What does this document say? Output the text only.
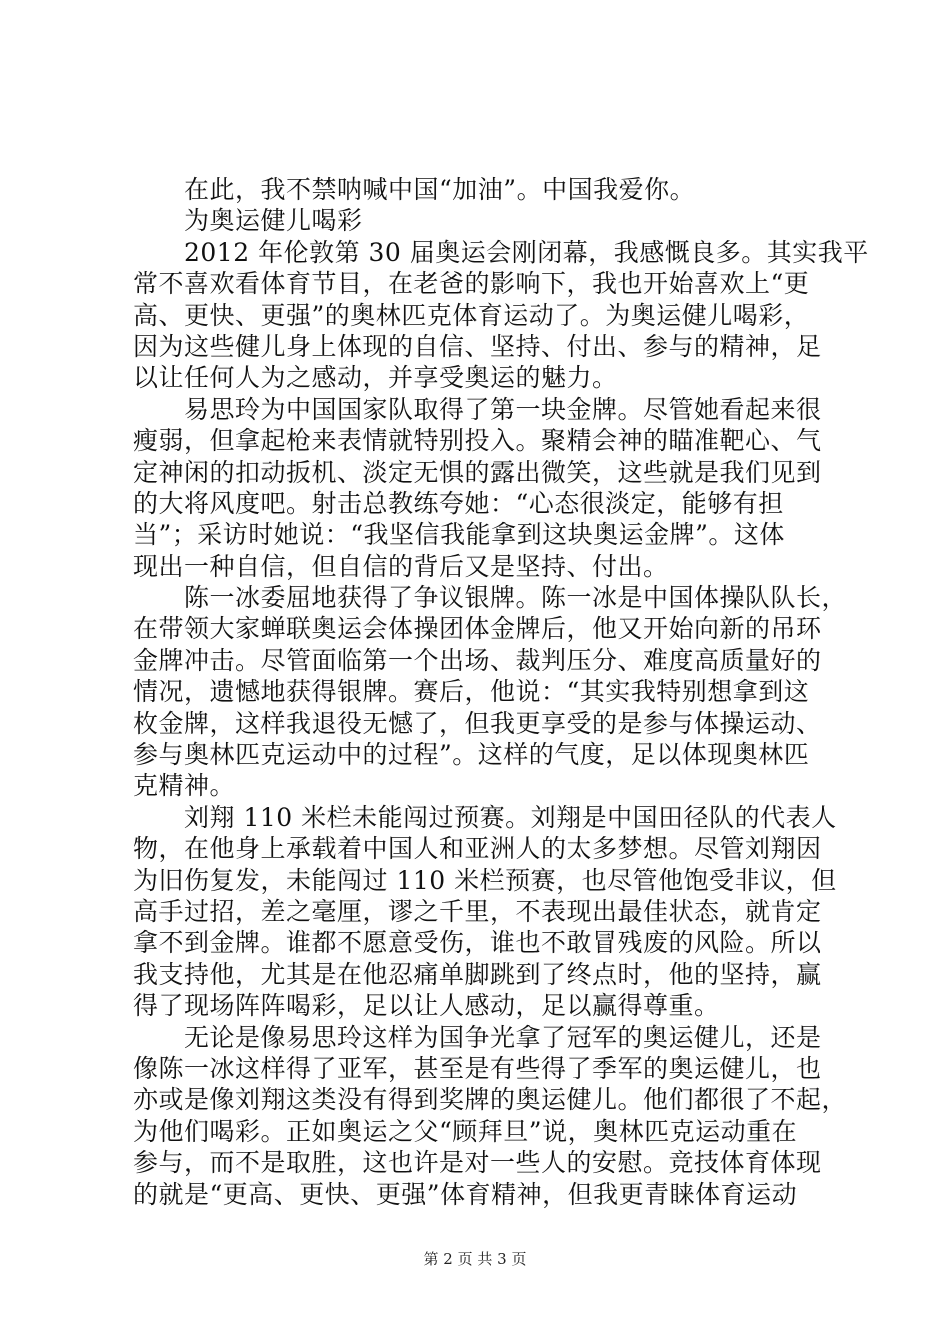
　　在此，我不禁呐喊中国“加油”。中国我爱你。
　　为奥运健儿喝彩
　　2012 年伦敦第 30 届奥运会刚闭幕，我感慨良多。其实我平
常不喜欢看体育节目，在老爸的影响下，我也开始喜欢上“更
高、更快、更强”的奥林匹克体育运动了。为奥运健儿喝彩，
因为这些健儿身上体现的自信、坚持、付出、参与的精神，足
以让任何人为之感动，并享受奥运的魅力。
　　易思玲为中国国家队取得了第一块金牌。尽管她看起来很
瘦弱，但拿起枪来表情就特别投入。聚精会神的瞄准靶心、气
定神闲的扣动扳机、淡定无惧的露出微笑，这些就是我们见到
的大将风度吧。射击总教练夸她：“心态很淡定，能够有担
当”；采访时她说：“我坚信我能拿到这块奥运金牌”。这体
现出一种自信，但自信的背后又是坚持、付出。
　　陈一冰委屈地获得了争议银牌。陈一冰是中国体操队队长，
在带领大家蝉联奥运会体操团体金牌后，他又开始向新的吊环
金牌冲击。尽管面临第一个出场、裁判压分、难度高质量好的
情况，遗憾地获得银牌。赛后，他说：“其实我特别想拿到这
枚金牌，这样我退役无憾了，但我更享受的是参与体操运动、
参与奥林匹克运动中的过程”。这样的气度，足以体现奥林匹
克精神。
　　刘翔 110 米栏未能闯过预赛。刘翔是中国田径队的代表人
物，在他身上承载着中国人和亚洲人的太多梦想。尽管刘翔因
为旧伤复发，未能闯过 110 米栏预赛，也尽管他饱受非议，但
高手过招，差之毫厘，谬之千里，不表现出最佳状态，就肯定
拿不到金牌。谁都不愿意受伤，谁也不敢冒残废的风险。所以
我支持他，尤其是在他忍痛单脚跳到了终点时，他的坚持，赢
得了现场阵阵喝彩，足以让人感动，足以赢得尊重。
　　无论是像易思玲这样为国争光拿了冠军的奥运健儿，还是
像陈一冰这样得了亚军，甚至是有些得了季军的奥运健儿，也
亦或是像刘翔这类没有得到奖牌的奥运健儿。他们都很了不起，
为他们喝彩。正如奥运之父“顾拜旦”说，奥林匹克运动重在
参与，而不是取胜，这也许是对一些人的安慰。竞技体育体现
的就是“更高、更快、更强”体育精神，但我更青睐体育运动
第 2 页 共 3 页
